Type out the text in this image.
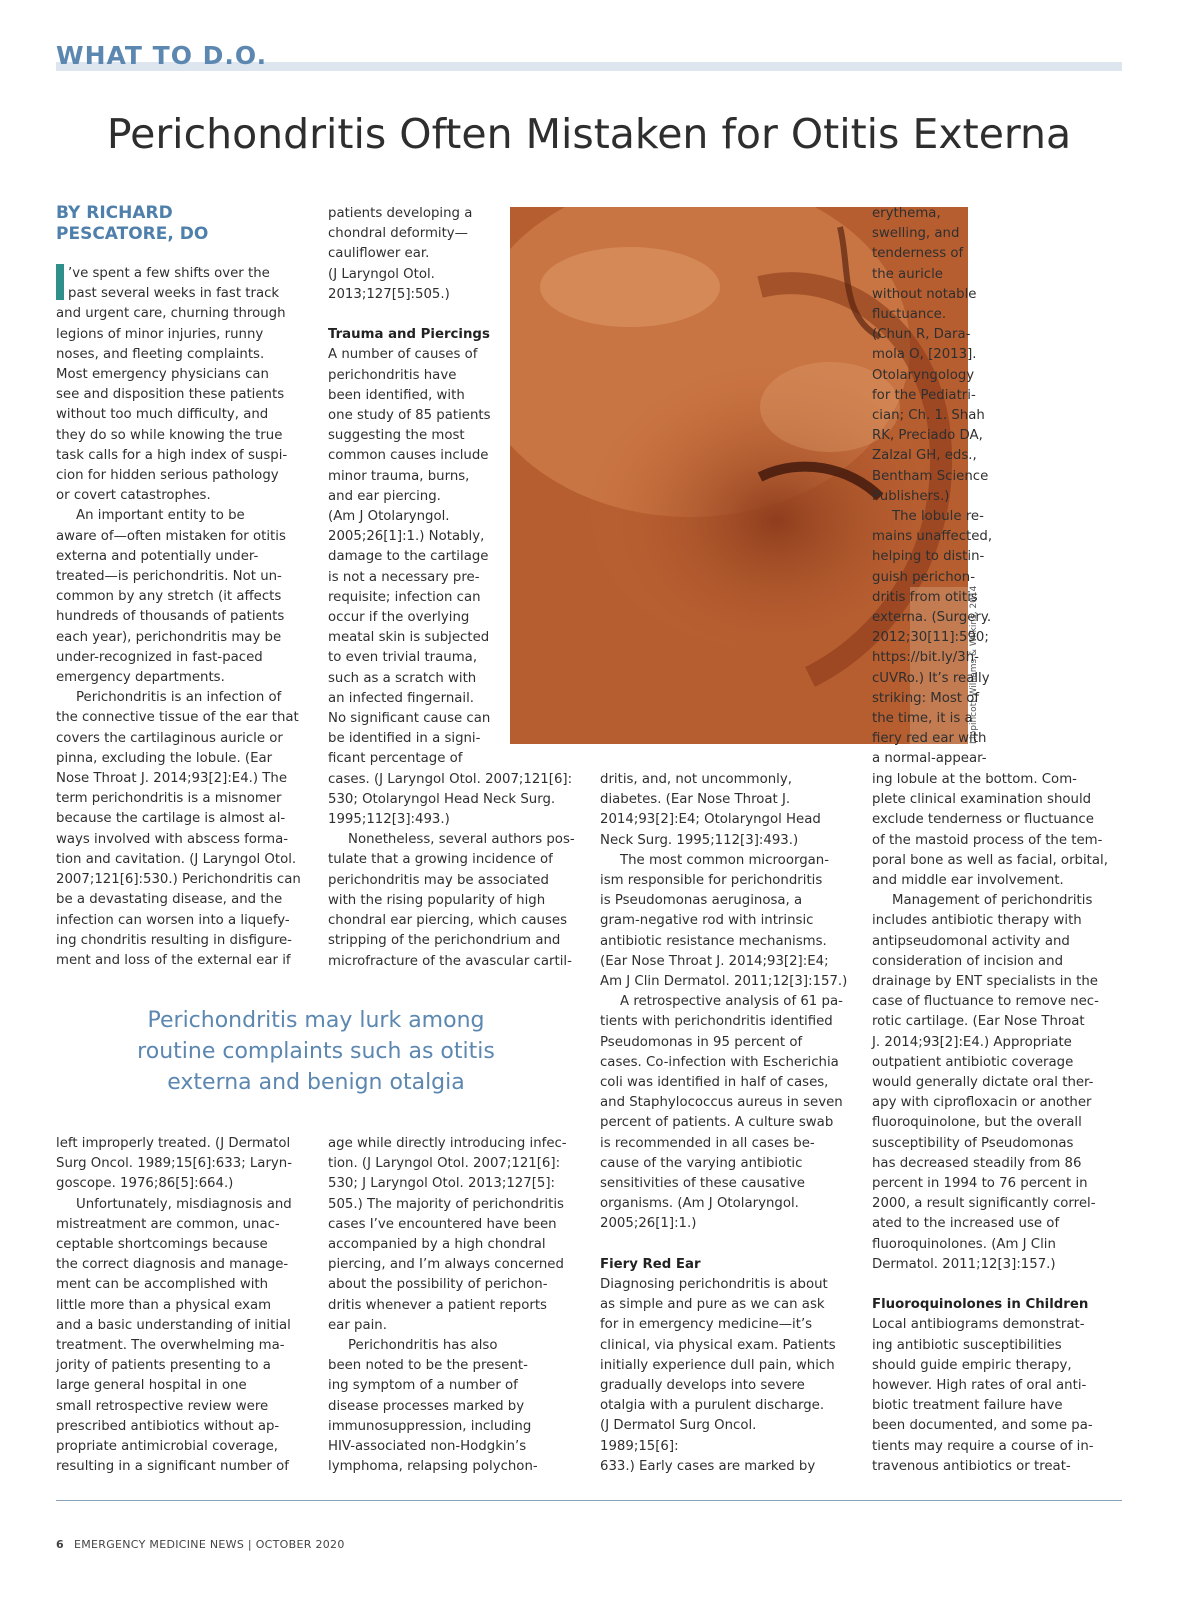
WHAT TO D.O.
Perichondritis Often Mistaken for Otitis Externa
BY RICHARD
PESCATORE, DO
’ve spent a few shifts over the
past several weeks in fast track
and urgent care, churning through
legions of minor injuries, runny
noses, and fleeting complaints.
Most emergency physicians can
see and disposition these patients
without too much difficulty, and
they do so while knowing the true
task calls for a high index of suspi-
cion for hidden serious pathology
or covert catastrophes.
An important entity to be
aware of—often mistaken for otitis
externa and potentially under-
treated—is perichondritis. Not un-
common by any stretch (it affects
hundreds of thousands of patients
each year), perichondritis may be
under-recognized in fast-paced
emergency departments.
Perichondritis is an infection of
the connective tissue of the ear that
covers the cartilaginous auricle or
pinna, excluding the lobule. (Ear
Nose Throat J. 2014;93[2]:E4.) The
term perichondritis is a misnomer
because the cartilage is almost al-
ways involved with abscess forma-
tion and cavitation. (J Laryngol Otol.
2007;121[6]:530.) Perichondritis can
be a devastating disease, and the
infection can worsen into a liquefy-
ing chondritis resulting in disfigure-
ment and loss of the external ear if
patients developing a
chondral deformity—
cauliflower ear.
(J Laryngol Otol.
2013;127[5]:505.)
Trauma and Piercings
A number of causes of
perichondritis have
been identified, with
one study of 85 patients
suggesting the most
common causes include
minor trauma, burns,
and ear piercing.
(Am J Otolaryngol.
2005;26[1]:1.) Notably,
damage to the cartilage
is not a necessary pre-
requisite; infection can
occur if the overlying
meatal skin is subjected
to even trivial trauma,
such as a scratch with
an infected fingernail.
No significant cause can
be identified in a signi-
ficant percentage of
cases. (J Laryngol Otol. 2007;121[6]:
530; Otolaryngol Head Neck Surg.
1995;112[3]:493.)
Nonetheless, several authors pos-
tulate that a growing incidence of
perichondritis may be associated
with the rising popularity of high
chondral ear piercing, which causes
stripping of the perichondrium and
microfracture of the avascular cartil-
Lippincott Williams & Wilkins, 2014
erythema,
swelling, and
tenderness of
the auricle
without notable
fluctuance.
(Chun R, Dara-
mola O, [2013].
Otolaryngology
for the Pediatri-
cian; Ch. 1. Shah
RK, Preciado DA,
Zalzal GH, eds.,
Bentham Science
Publishers.)
The lobule re-
mains unaffected,
helping to distin-
guish perichon-
dritis from otitis
externa. (Surgery.
2012;30[11]:590;
https://bit.ly/3h-
cUVRo.) It’s really
striking: Most of
the time, it is a
fiery red ear with
a normal-appear-
dritis, and, not uncommonly,
diabetes. (Ear Nose Throat J.
2014;93[2]:E4; Otolaryngol Head
Neck Surg. 1995;112[3]:493.)
The most common microorgan-
ism responsible for perichondritis
is Pseudomonas aeruginosa, a
gram-negative rod with intrinsic
antibiotic resistance mechanisms.
(Ear Nose Throat J. 2014;93[2]:E4;
Am J Clin Dermatol. 2011;12[3]:157.)
A retrospective analysis of 61 pa-
tients with perichondritis identified
Pseudomonas in 95 percent of
cases. Co-infection with Escherichia
coli was identified in half of cases,
and Staphylococcus aureus in seven
percent of patients. A culture swab
is recommended in all cases be-
cause of the varying antibiotic
sensitivities of these causative
organisms. (Am J Otolaryngol.
2005;26[1]:1.)
Fiery Red Ear
Diagnosing perichondritis is about
as simple and pure as we can ask
for in emergency medicine—it’s
clinical, via physical exam. Patients
initially experience dull pain, which
gradually develops into severe
otalgia with a purulent discharge.
(J Dermatol Surg Oncol.
1989;15[6]:
633.) Early cases are marked by
ing lobule at the bottom. Com-
plete clinical examination should
exclude tenderness or fluctuance
of the mastoid process of the tem-
poral bone as well as facial, orbital,
and middle ear involvement.
Management of perichondritis
includes antibiotic therapy with
antipseudomonal activity and
consideration of incision and
drainage by ENT specialists in the
case of fluctuance to remove nec-
rotic cartilage. (Ear Nose Throat
J. 2014;93[2]:E4.) Appropriate
outpatient antibiotic coverage
would generally dictate oral ther-
apy with ciprofloxacin or another
fluoroquinolone, but the overall
susceptibility of Pseudomonas
has decreased steadily from 86
percent in 1994 to 76 percent in
2000, a result significantly correl-
ated to the increased use of
fluoroquinolones. (Am J Clin
Dermatol. 2011;12[3]:157.)
Fluoroquinolones in Children
Local antibiograms demonstrat-
ing antibiotic susceptibilities
should guide empiric therapy,
however. High rates of oral anti-
biotic treatment failure have
been documented, and some pa-
tients may require a course of in-
travenous antibiotics or treat-
Perichondritis may lurk among
routine complaints such as otitis
externa and benign otalgia
left improperly treated. (J Dermatol
Surg Oncol. 1989;15[6]:633; Laryn-
goscope. 1976;86[5]:664.)
Unfortunately, misdiagnosis and
mistreatment are common, unac-
ceptable shortcomings because
the correct diagnosis and manage-
ment can be accomplished with
little more than a physical exam
and a basic understanding of initial
treatment. The overwhelming ma-
jority of patients presenting to a
large general hospital in one
small retrospective review were
prescribed antibiotics without ap-
propriate antimicrobial coverage,
resulting in a significant number of
age while directly introducing infec-
tion. (J Laryngol Otol. 2007;121[6]:
530; J Laryngol Otol. 2013;127[5]:
505.) The majority of perichondritis
cases I’ve encountered have been
accompanied by a high chondral
piercing, and I’m always concerned
about the possibility of perichon-
dritis whenever a patient reports
ear pain.
Perichondritis has also
been noted to be the present-
ing symptom of a number of
disease processes marked by
immunosuppression, including
HIV-associated non-Hodgkin’s
lymphoma, relapsing polychon-
6 EMERGENCY MEDICINE NEWS | OCTOBER 2020
